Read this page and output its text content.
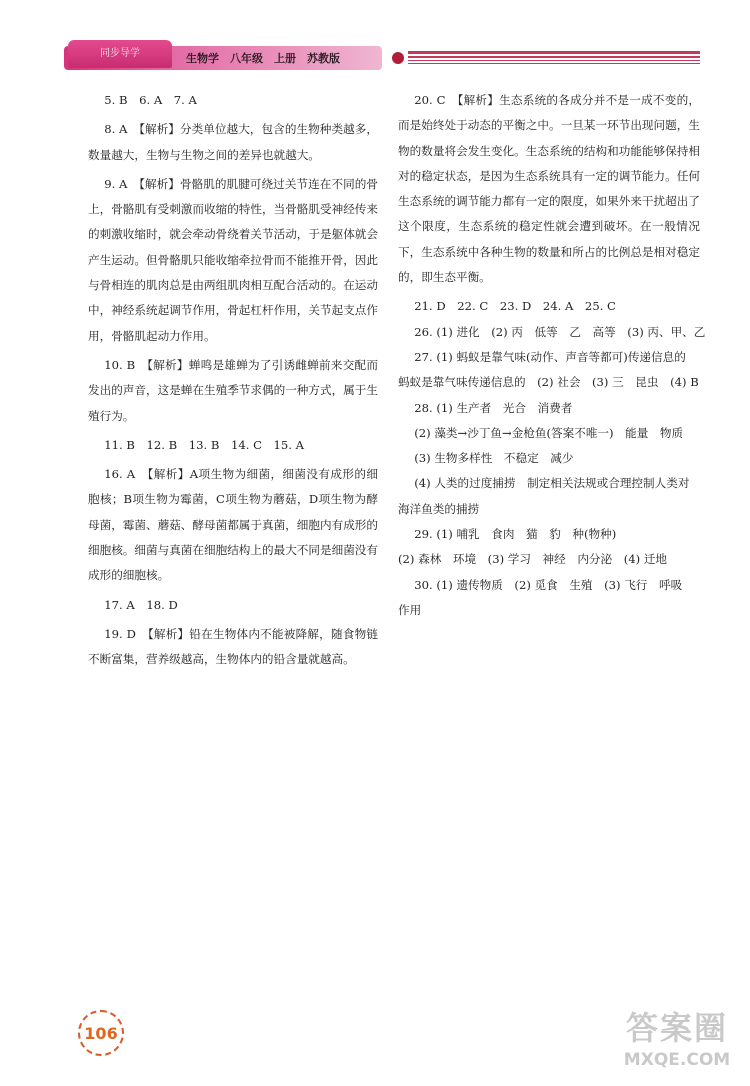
同步导学	生物学　八年级　上册　苏教版

5. B　6. A　7. A

8. A　【解析】分类单位越大，包含的生物种类越多，数量越大，生物与生物之间的差异也就越大。

9. A　【解析】骨骼肌的肌腱可绕过关节连在不同的骨上，骨骼肌有受刺激而收缩的特性，当骨骼肌受神经传来的刺激收缩时，就会牵动骨绕着关节活动，于是躯体就会产生运动。但骨骼肌只能收缩牵拉骨而不能推开骨，因此与骨相连的肌肉总是由两组肌肉相互配合活动的。在运动中，神经系统起调节作用，骨起杠杆作用，关节起支点作用，骨骼肌起动力作用。

10. B　【解析】蝉鸣是雄蝉为了引诱雌蝉前来交配而发出的声音，这是蝉在生殖季节求偶的一种方式，属于生殖行为。

11. B　12. B　13. B　14. C　15. A

16. A　【解析】A项生物为细菌，细菌没有成形的细胞核；B项生物为霉菌，C项生物为蘑菇，D项生物为酵母菌，霉菌、蘑菇、酵母菌都属于真菌，细胞内有成形的细胞核。细菌与真菌在细胞结构上的最大不同是细菌没有成形的细胞核。

17. A　18. D

19. D　【解析】铅在生物体内不能被降解，随食物链不断富集，营养级越高，生物体内的铅含量就越高。

20. C　【解析】生态系统的各成分并不是一成不变的，而是始终处于动态的平衡之中。一旦某一环节出现问题，生物的数量将会发生变化。生态系统的结构和功能能够保持相对的稳定状态，是因为生态系统具有一定的调节能力。任何生态系统的调节能力都有一定的限度，如果外来干扰超出了这个限度，生态系统的稳定性就会遭到破坏。在一般情况下，生态系统中各种生物的数量和所占的比例总是相对稳定的，即生态平衡。

21. D　22. C　23. D　24. A　25. C

26. (1) 进化　(2) 丙　低等　乙　高等　(3) 丙、甲、乙

27. (1) 蚂蚁是靠气味(动作、声音等都可)传递信息的

蚂蚁是靠气味传递信息的　(2) 社会　(3) 三　昆虫　(4) B

28. (1) 生产者　光合　消费者

(2) 藻类→沙丁鱼→金枪鱼(答案不唯一)　能量　物质

(3) 生物多样性　不稳定　减少

(4) 人类的过度捕捞　制定相关法规或合理控制人类对

海洋鱼类的捕捞

29. (1) 哺乳　食肉　猫　豹　种(物种)

(2) 森林　环境　(3) 学习　神经　内分泌　(4) 迁地

30. (1) 遗传物质　(2) 觅食　生殖　(3) 飞行　呼吸

作用

106	答案圈
MXQE.COM
